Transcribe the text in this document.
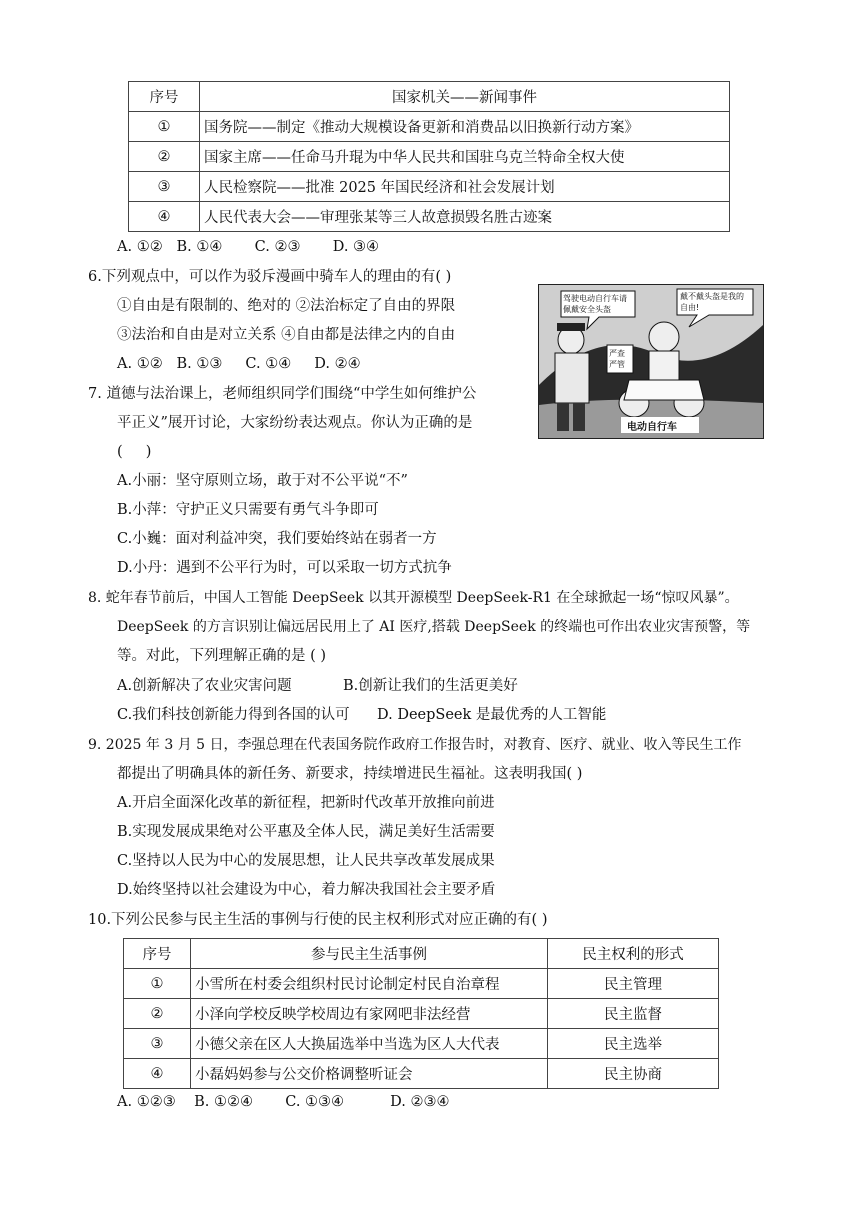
序号	国家机关——新闻事件
①	国务院——制定《推动大规模设备更新和消费品以旧换新行动方案》
②	国家主席——任命马升琨为中华人民共和国驻乌克兰特命全权大使
③	人民检察院——批准 2025 年国民经济和社会发展计划
④	人民代表大会——审理张某等三人故意损毁名胜古迹案
A. ①②   B. ①④       C. ②③       D. ③④
6.下列观点中，可以作为驳斥漫画中骑车人的理由的有( )
①自由是有限制的、绝对的 ②法治标定了自由的界限
③法治和自由是对立关系 ④自由都是法律之内的自由
A. ①②   B. ①③     C. ①④     D. ②④
驾驶电动自行车请佩戴安全头盔
戴不戴头盔是我的自由!
严查严管
电动自行车
7. 道德与法治课上，老师组织同学们围绕“中学生如何维护公
平正义”展开讨论，大家纷纷表达观点。你认为正确的是
(     )
A.小丽：坚守原则立场，敢于对不公平说“不”
B.小萍：守护正义只需要有勇气斗争即可
C.小巍：面对利益冲突，我们要始终站在弱者一方
D.小丹：遇到不公平行为时，可以采取一切方式抗争
8. 蛇年春节前后，中国人工智能 DeepSeek 以其开源模型 DeepSeek-R1 在全球掀起一场“惊叹风暴”。
DeepSeek 的方言识别让偏远居民用上了 AI 医疗,搭载 DeepSeek 的终端也可作出农业灾害预警，等
等。对此，下列理解正确的是 ( )
A.创新解决了农业灾害问题	B.创新让我们的生活更美好
C.我们科技创新能力得到各国的认可 D. DeepSeek 是最优秀的人工智能
9. 2025 年 3 月 5 日，李强总理在代表国务院作政府工作报告时，对教育、医疗、就业、收入等民生工作
都提出了明确具体的新任务、新要求，持续增进民生福祉。这表明我国( )
A.开启全面深化改革的新征程，把新时代改革开放推向前进
B.实现发展成果绝对公平惠及全体人民，满足美好生活需要
C.坚持以人民为中心的发展思想，让人民共享改革发展成果
D.始终坚持以社会建设为中心，着力解决我国社会主要矛盾
10.下列公民参与民主生活的事例与行使的民主权利形式对应正确的有( )
序号	参与民主生活事例	民主权利的形式
①	小雪所在村委会组织村民讨论制定村民自治章程	民主管理
②	小泽向学校反映学校周边有家网吧非法经营	民主监督
③	小德父亲在区人大换届选举中当选为区人大代表	民主选举
④	小磊妈妈参与公交价格调整听证会	民主协商
A. ①②③    B. ①②④       C. ①③④          D. ②③④
